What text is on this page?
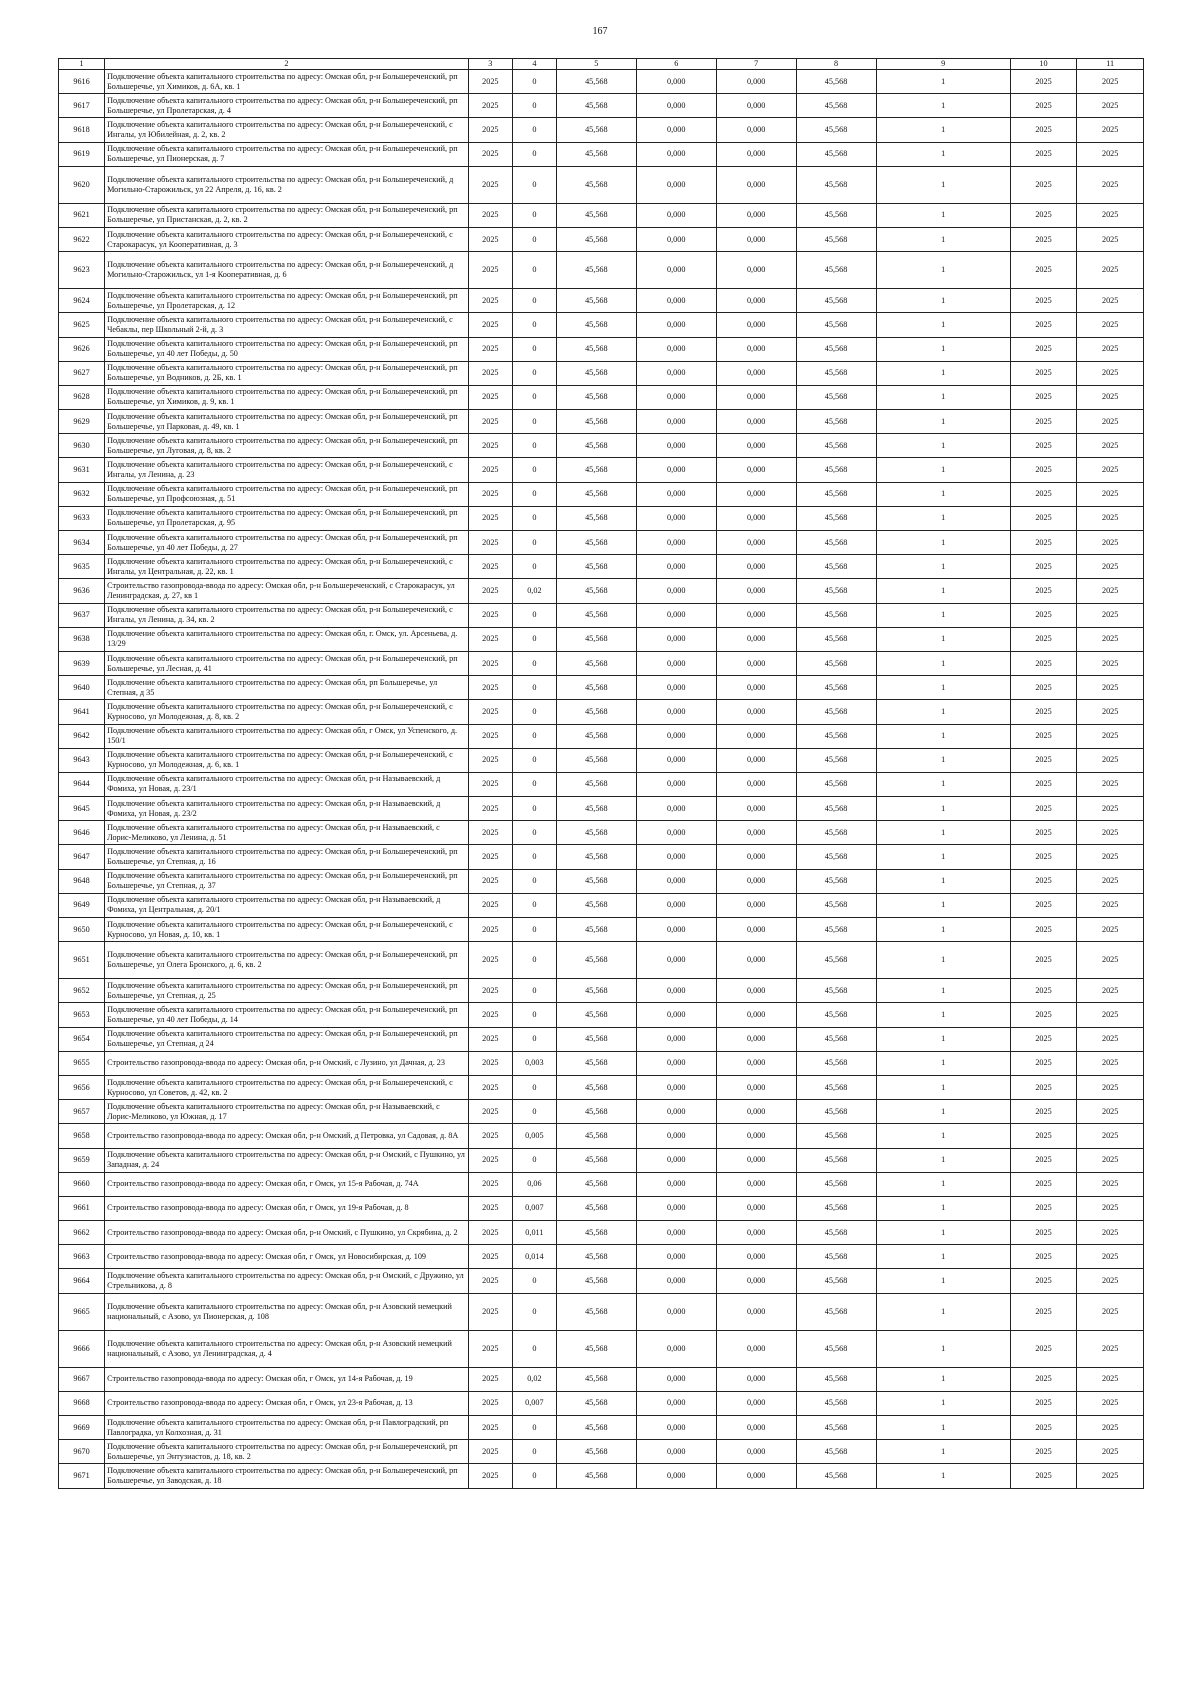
167
1	2	3	4	5	6	7	8	9	10	11
9616	Подключение объекта капитального строительства по адресу: Омская обл, р-н Большереченский, рп Большеречье, ул Химиков, д. 6А, кв. 1	2025	0	45,568	0,000	0,000	45,568	1	2025	2025
9617	Подключение объекта капитального строительства по адресу: Омская обл, р-н Большереченский, рп Большеречье, ул Пролетарская, д. 4	2025	0	45,568	0,000	0,000	45,568	1	2025	2025
9618	Подключение объекта капитального строительства по адресу: Омская обл, р-н Большереченский, с Ингалы, ул Юбилейная, д. 2, кв. 2	2025	0	45,568	0,000	0,000	45,568	1	2025	2025
9619	Подключение объекта капитального строительства по адресу: Омская обл, р-н Большереченский, рп Большеречье, ул Пионерская, д. 7	2025	0	45,568	0,000	0,000	45,568	1	2025	2025
9620	Подключение объекта капитального строительства по адресу: Омская обл, р-н Большереченский, д Могильно-Старожильск, ул 22 Апреля, д. 16, кв. 2	2025	0	45,568	0,000	0,000	45,568	1	2025	2025
9621	Подключение объекта капитального строительства по адресу: Омская обл, р-н Большереченский, рп Большеречье, ул Пристанская, д. 2, кв. 2	2025	0	45,568	0,000	0,000	45,568	1	2025	2025
9622	Подключение объекта капитального строительства по адресу: Омская обл, р-н Большереченский, с Старокарасук, ул Кооперативная, д. 3	2025	0	45,568	0,000	0,000	45,568	1	2025	2025
9623	Подключение объекта капитального строительства по адресу: Омская обл, р-н Большереченский, д Могильно-Старожильск, ул 1-я Кооперативная, д. 6	2025	0	45,568	0,000	0,000	45,568	1	2025	2025
9624	Подключение объекта капитального строительства по адресу: Омская обл, р-н Большереченский, рп Большеречье, ул Пролетарская, д. 12	2025	0	45,568	0,000	0,000	45,568	1	2025	2025
9625	Подключение объекта капитального строительства по адресу: Омская обл, р-н Большереченский, с Чебаклы, пер Школьный 2-й, д. 3	2025	0	45,568	0,000	0,000	45,568	1	2025	2025
9626	Подключение объекта капитального строительства по адресу: Омская обл, р-н Большереченский, рп Большеречье, ул 40 лет Победы, д. 50	2025	0	45,568	0,000	0,000	45,568	1	2025	2025
9627	Подключение объекта капитального строительства по адресу: Омская обл, р-н Большереченский, рп Большеречье, ул Водников, д. 2Б, кв. 1	2025	0	45,568	0,000	0,000	45,568	1	2025	2025
9628	Подключение объекта капитального строительства по адресу: Омская обл, р-н Большереченский, рп Большеречье, ул Химиков, д. 9, кв. 1	2025	0	45,568	0,000	0,000	45,568	1	2025	2025
9629	Подключение объекта капитального строительства по адресу: Омская обл, р-н Большереченский, рп Большеречье, ул Парковая, д. 49, кв. 1	2025	0	45,568	0,000	0,000	45,568	1	2025	2025
9630	Подключение объекта капитального строительства по адресу: Омская обл, р-н Большереченский, рп Большеречье, ул Луговая, д. 8, кв. 2	2025	0	45,568	0,000	0,000	45,568	1	2025	2025
9631	Подключение объекта капитального строительства по адресу: Омская обл, р-н Большереченский, с Ингалы, ул Ленина, д. 23	2025	0	45,568	0,000	0,000	45,568	1	2025	2025
9632	Подключение объекта капитального строительства по адресу: Омская обл, р-н Большереченский, рп Большеречье, ул Профсоюзная, д. 51	2025	0	45,568	0,000	0,000	45,568	1	2025	2025
9633	Подключение объекта капитального строительства по адресу: Омская обл, р-н Большереченский, рп Большеречье, ул Пролетарская, д. 95	2025	0	45,568	0,000	0,000	45,568	1	2025	2025
9634	Подключение объекта капитального строительства по адресу: Омская обл, р-н Большереченский, рп Большеречье, ул 40 лет Победы, д. 27	2025	0	45,568	0,000	0,000	45,568	1	2025	2025
9635	Подключение объекта капитального строительства по адресу: Омская обл, р-н Большереченский, с Ингалы, ул Центральная, д. 22, кв. 1	2025	0	45,568	0,000	0,000	45,568	1	2025	2025
9636	Строительство газопровода-ввода по адресу: Омская обл, р-н Большереченский, с Старокарасук, ул Ленинградская, д. 27, кв 1	2025	0,02	45,568	0,000	0,000	45,568	1	2025	2025
9637	Подключение объекта капитального строительства по адресу: Омская обл, р-н Большереченский, с Ингалы, ул Ленина, д. 34, кв. 2	2025	0	45,568	0,000	0,000	45,568	1	2025	2025
9638	Подключение объекта капитального строительства по адресу: Омская обл, г. Омск, ул. Арсеньева, д. 13/29	2025	0	45,568	0,000	0,000	45,568	1	2025	2025
9639	Подключение объекта капитального строительства по адресу: Омская обл, р-н Большереченский, рп Большеречье, ул Лесная, д. 41	2025	0	45,568	0,000	0,000	45,568	1	2025	2025
9640	Подключение объекта капитального строительства по адресу: Омская обл, рп Большеречье, ул Степная, д 35	2025	0	45,568	0,000	0,000	45,568	1	2025	2025
9641	Подключение объекта капитального строительства по адресу: Омская обл, р-н Большереченский, с Курносово, ул Молодежная, д. 8, кв. 2	2025	0	45,568	0,000	0,000	45,568	1	2025	2025
9642	Подключение объекта капитального строительства по адресу: Омская обл, г Омск, ул Успенского, д. 150/1	2025	0	45,568	0,000	0,000	45,568	1	2025	2025
9643	Подключение объекта капитального строительства по адресу: Омская обл, р-н Большереченский, с Курносово, ул Молодежная, д. 6, кв. 1	2025	0	45,568	0,000	0,000	45,568	1	2025	2025
9644	Подключение объекта капитального строительства по адресу: Омская обл, р-н Называевский, д Фомиха, ул Новая, д. 23/1	2025	0	45,568	0,000	0,000	45,568	1	2025	2025
9645	Подключение объекта капитального строительства по адресу: Омская обл, р-н Называевский, д Фомиха, ул Новая, д. 23/2	2025	0	45,568	0,000	0,000	45,568	1	2025	2025
9646	Подключение объекта капитального строительства по адресу: Омская обл, р-н Называевский, с Лорис-Меликово, ул Ленина, д. 51	2025	0	45,568	0,000	0,000	45,568	1	2025	2025
9647	Подключение объекта капитального строительства по адресу: Омская обл, р-н Большереченский, рп Большеречье, ул Степная, д. 16	2025	0	45,568	0,000	0,000	45,568	1	2025	2025
9648	Подключение объекта капитального строительства по адресу: Омская обл, р-н Большереченский, рп Большеречье, ул Степная, д. 37	2025	0	45,568	0,000	0,000	45,568	1	2025	2025
9649	Подключение объекта капитального строительства по адресу: Омская обл, р-н Называевский, д Фомиха, ул Центральная, д. 20/1	2025	0	45,568	0,000	0,000	45,568	1	2025	2025
9650	Подключение объекта капитального строительства по адресу: Омская обл, р-н Большереченский, с Курносово, ул Новая, д. 10, кв. 1	2025	0	45,568	0,000	0,000	45,568	1	2025	2025
9651	Подключение объекта капитального строительства по адресу: Омская обл, р-н Большереченский, рп Большеречье, ул Олега Бронского, д. 6, кв. 2	2025	0	45,568	0,000	0,000	45,568	1	2025	2025
9652	Подключение объекта капитального строительства по адресу: Омская обл, р-н Большереченский, рп Большеречье, ул Степная, д. 25	2025	0	45,568	0,000	0,000	45,568	1	2025	2025
9653	Подключение объекта капитального строительства по адресу: Омская обл, р-н Большереченский, рп Большеречье, ул 40 лет Победы, д. 14	2025	0	45,568	0,000	0,000	45,568	1	2025	2025
9654	Подключение объекта капитального строительства по адресу: Омская обл, р-н Большереченский, рп Большеречье, ул Степная, д 24	2025	0	45,568	0,000	0,000	45,568	1	2025	2025
9655	Строительство газопровода-ввода по адресу: Омская обл, р-н Омский, с Лузино, ул Дачная, д. 23	2025	0,003	45,568	0,000	0,000	45,568	1	2025	2025
9656	Подключение объекта капитального строительства по адресу: Омская обл, р-н Большереченский, с Курносово, ул Советов, д. 42, кв. 2	2025	0	45,568	0,000	0,000	45,568	1	2025	2025
9657	Подключение объекта капитального строительства по адресу: Омская обл, р-н Называевский, с Лорис-Меликово, ул Южная, д. 17	2025	0	45,568	0,000	0,000	45,568	1	2025	2025
9658	Строительство газопровода-ввода по адресу: Омская обл, р-н Омский, д Петровка, ул Садовая, д. 8А	2025	0,005	45,568	0,000	0,000	45,568	1	2025	2025
9659	Подключение объекта капитального строительства по адресу: Омская обл, р-н Омский, с Пушкино, ул Западная, д. 24	2025	0	45,568	0,000	0,000	45,568	1	2025	2025
9660	Строительство газопровода-ввода по адресу: Омская обл, г Омск, ул 15-я Рабочая, д. 74А	2025	0,06	45,568	0,000	0,000	45,568	1	2025	2025
9661	Строительство газопровода-ввода по адресу: Омская обл, г Омск, ул 19-я Рабочая, д. 8	2025	0,007	45,568	0,000	0,000	45,568	1	2025	2025
9662	Строительство газопровода-ввода по адресу: Омская обл, р-н Омский, с Пушкино, ул Скрябина, д. 2	2025	0,011	45,568	0,000	0,000	45,568	1	2025	2025
9663	Строительство газопровода-ввода по адресу: Омская обл, г Омск, ул Новосибирская, д. 109	2025	0,014	45,568	0,000	0,000	45,568	1	2025	2025
9664	Подключение объекта капитального строительства по адресу: Омская обл, р-н Омский, с Дружино, ул Стрельникова, д. 8	2025	0	45,568	0,000	0,000	45,568	1	2025	2025
9665	Подключение объекта капитального строительства по адресу: Омская обл, р-н Азовский немецкий национальный, с Азово, ул Пионерская, д. 108	2025	0	45,568	0,000	0,000	45,568	1	2025	2025
9666	Подключение объекта капитального строительства по адресу: Омская обл, р-н Азовский немецкий национальный, с Азово, ул Ленинградская, д. 4	2025	0	45,568	0,000	0,000	45,568	1	2025	2025
9667	Строительство газопровода-ввода по адресу: Омская обл, г Омск, ул 14-я Рабочая, д. 19	2025	0,02	45,568	0,000	0,000	45,568	1	2025	2025
9668	Строительство газопровода-ввода по адресу: Омская обл, г Омск, ул 23-я Рабочая, д. 13	2025	0,007	45,568	0,000	0,000	45,568	1	2025	2025
9669	Подключение объекта капитального строительства по адресу: Омская обл, р-н Павлоградский, рп Павлоградка, ул Колхозная, д. 31	2025	0	45,568	0,000	0,000	45,568	1	2025	2025
9670	Подключение объекта капитального строительства по адресу: Омская обл, р-н Большереченский, рп Большеречье, ул Энтузиастов, д. 18, кв. 2	2025	0	45,568	0,000	0,000	45,568	1	2025	2025
9671	Подключение объекта капитального строительства по адресу: Омская обл, р-н Большереченский, рп Большеречье, ул Заводская, д. 18	2025	0	45,568	0,000	0,000	45,568	1	2025	2025
